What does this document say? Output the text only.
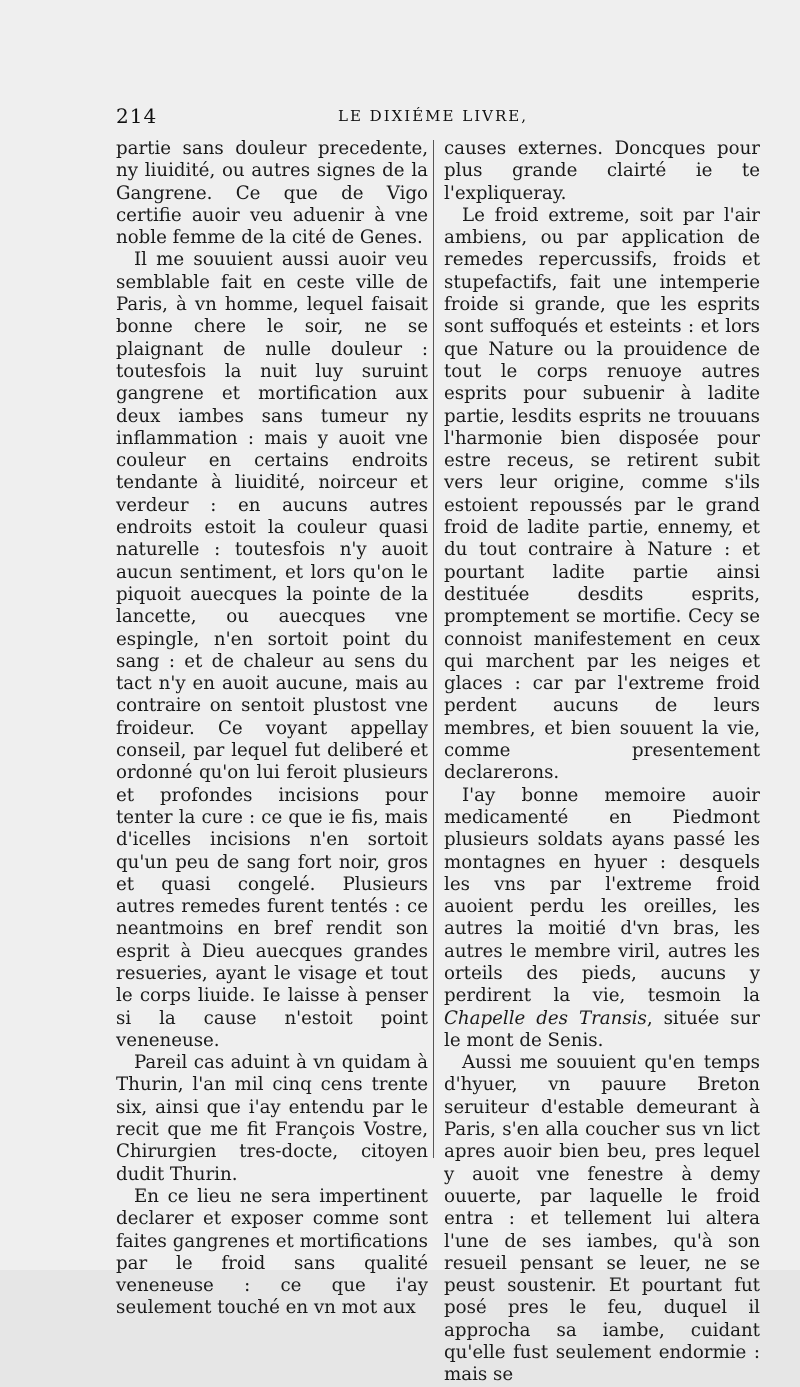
214	LE DIXIÉME LIVRE,

partie sans douleur precedente, ny liuidité, ou autres signes de la Gangrene. Ce que de Vigo certifie auoir veu aduenir à vne noble femme de la cité de Genes.

Il me souuient aussi auoir veu semblable fait en ceste ville de Paris, à vn homme, lequel faisait bonne chere le soir, ne se plaignant de nulle douleur : toutesfois la nuit luy suruint gangrene et mortification aux deux iambes sans tumeur ny inflammation : mais y auoit vne couleur en certains endroits tendante à liuidité, noirceur et verdeur : en aucuns autres endroits estoit la couleur quasi naturelle : toutesfois n'y auoit aucun sentiment, et lors qu'on le piquoit auecques la pointe de la lancette, ou auecques vne espingle, n'en sortoit point du sang : et de chaleur au sens du tact n'y en auoit aucune, mais au contraire on sentoit plustost vne froideur. Ce voyant appellay conseil, par lequel fut deliberé et ordonné qu'on lui feroit plusieurs et profondes incisions pour tenter la cure : ce que ie fis, mais d'icelles incisions n'en sortoit qu'un peu de sang fort noir, gros et quasi congelé. Plusieurs autres remedes furent tentés : ce neantmoins en bref rendit son esprit à Dieu auecques grandes resueries, ayant le visage et tout le corps liuide. Ie laisse à penser si la cause n'estoit point veneneuse.

Pareil cas aduint à vn quidam à Thurin, l'an mil cinq cens trente six, ainsi que i'ay entendu par le recit que me fit François Vostre, Chirurgien tres-docte, citoyen dudit Thurin.

En ce lieu ne sera impertinent declarer et exposer comme sont faites gangrenes et mortifications par le froid sans qualité veneneuse : ce que i'ay seulement touché en vn mot aux

causes externes. Doncques pour plus grande clairté ie te l'expliqueray.

Le froid extreme, soit par l'air ambiens, ou par application de remedes repercussifs, froids et stupefactifs, fait une intemperie froide si grande, que les esprits sont suffoqués et esteints : et lors que Nature ou la prouidence de tout le corps renuoye autres esprits pour subuenir à ladite partie, lesdits esprits ne trouuans l'harmonie bien disposée pour estre receus, se retirent subit vers leur origine, comme s'ils estoient repoussés par le grand froid de ladite partie, ennemy, et du tout contraire à Nature : et pourtant ladite partie ainsi destituée desdits esprits, promptement se mortifie. Cecy se connoist manifestement en ceux qui marchent par les neiges et glaces : car par l'extreme froid perdent aucuns de leurs membres, et bien souuent la vie, comme presentement declarerons.

I'ay bonne memoire auoir medicamenté en Piedmont plusieurs soldats ayans passé les montagnes en hyuer : desquels les vns par l'extreme froid auoient perdu les oreilles, les autres la moitié d'vn bras, les autres le membre viril, autres les orteils des pieds, aucuns y perdirent la vie, tesmoin la Chapelle des Transis, située sur le mont de Senis.

Aussi me souuient qu'en temps d'hyuer, vn pauure Breton seruiteur d'estable demeurant à Paris, s'en alla coucher sus vn lict apres auoir bien beu, pres lequel y auoit vne fenestre à demy ouuerte, par laquelle le froid entra : et tellement lui altera l'une de ses iambes, qu'à son resueil pensant se leuer, ne se peust soustenir. Et pourtant fut posé pres le feu, duquel il approcha sa iambe, cuidant qu'elle fust seulement endormie : mais se
